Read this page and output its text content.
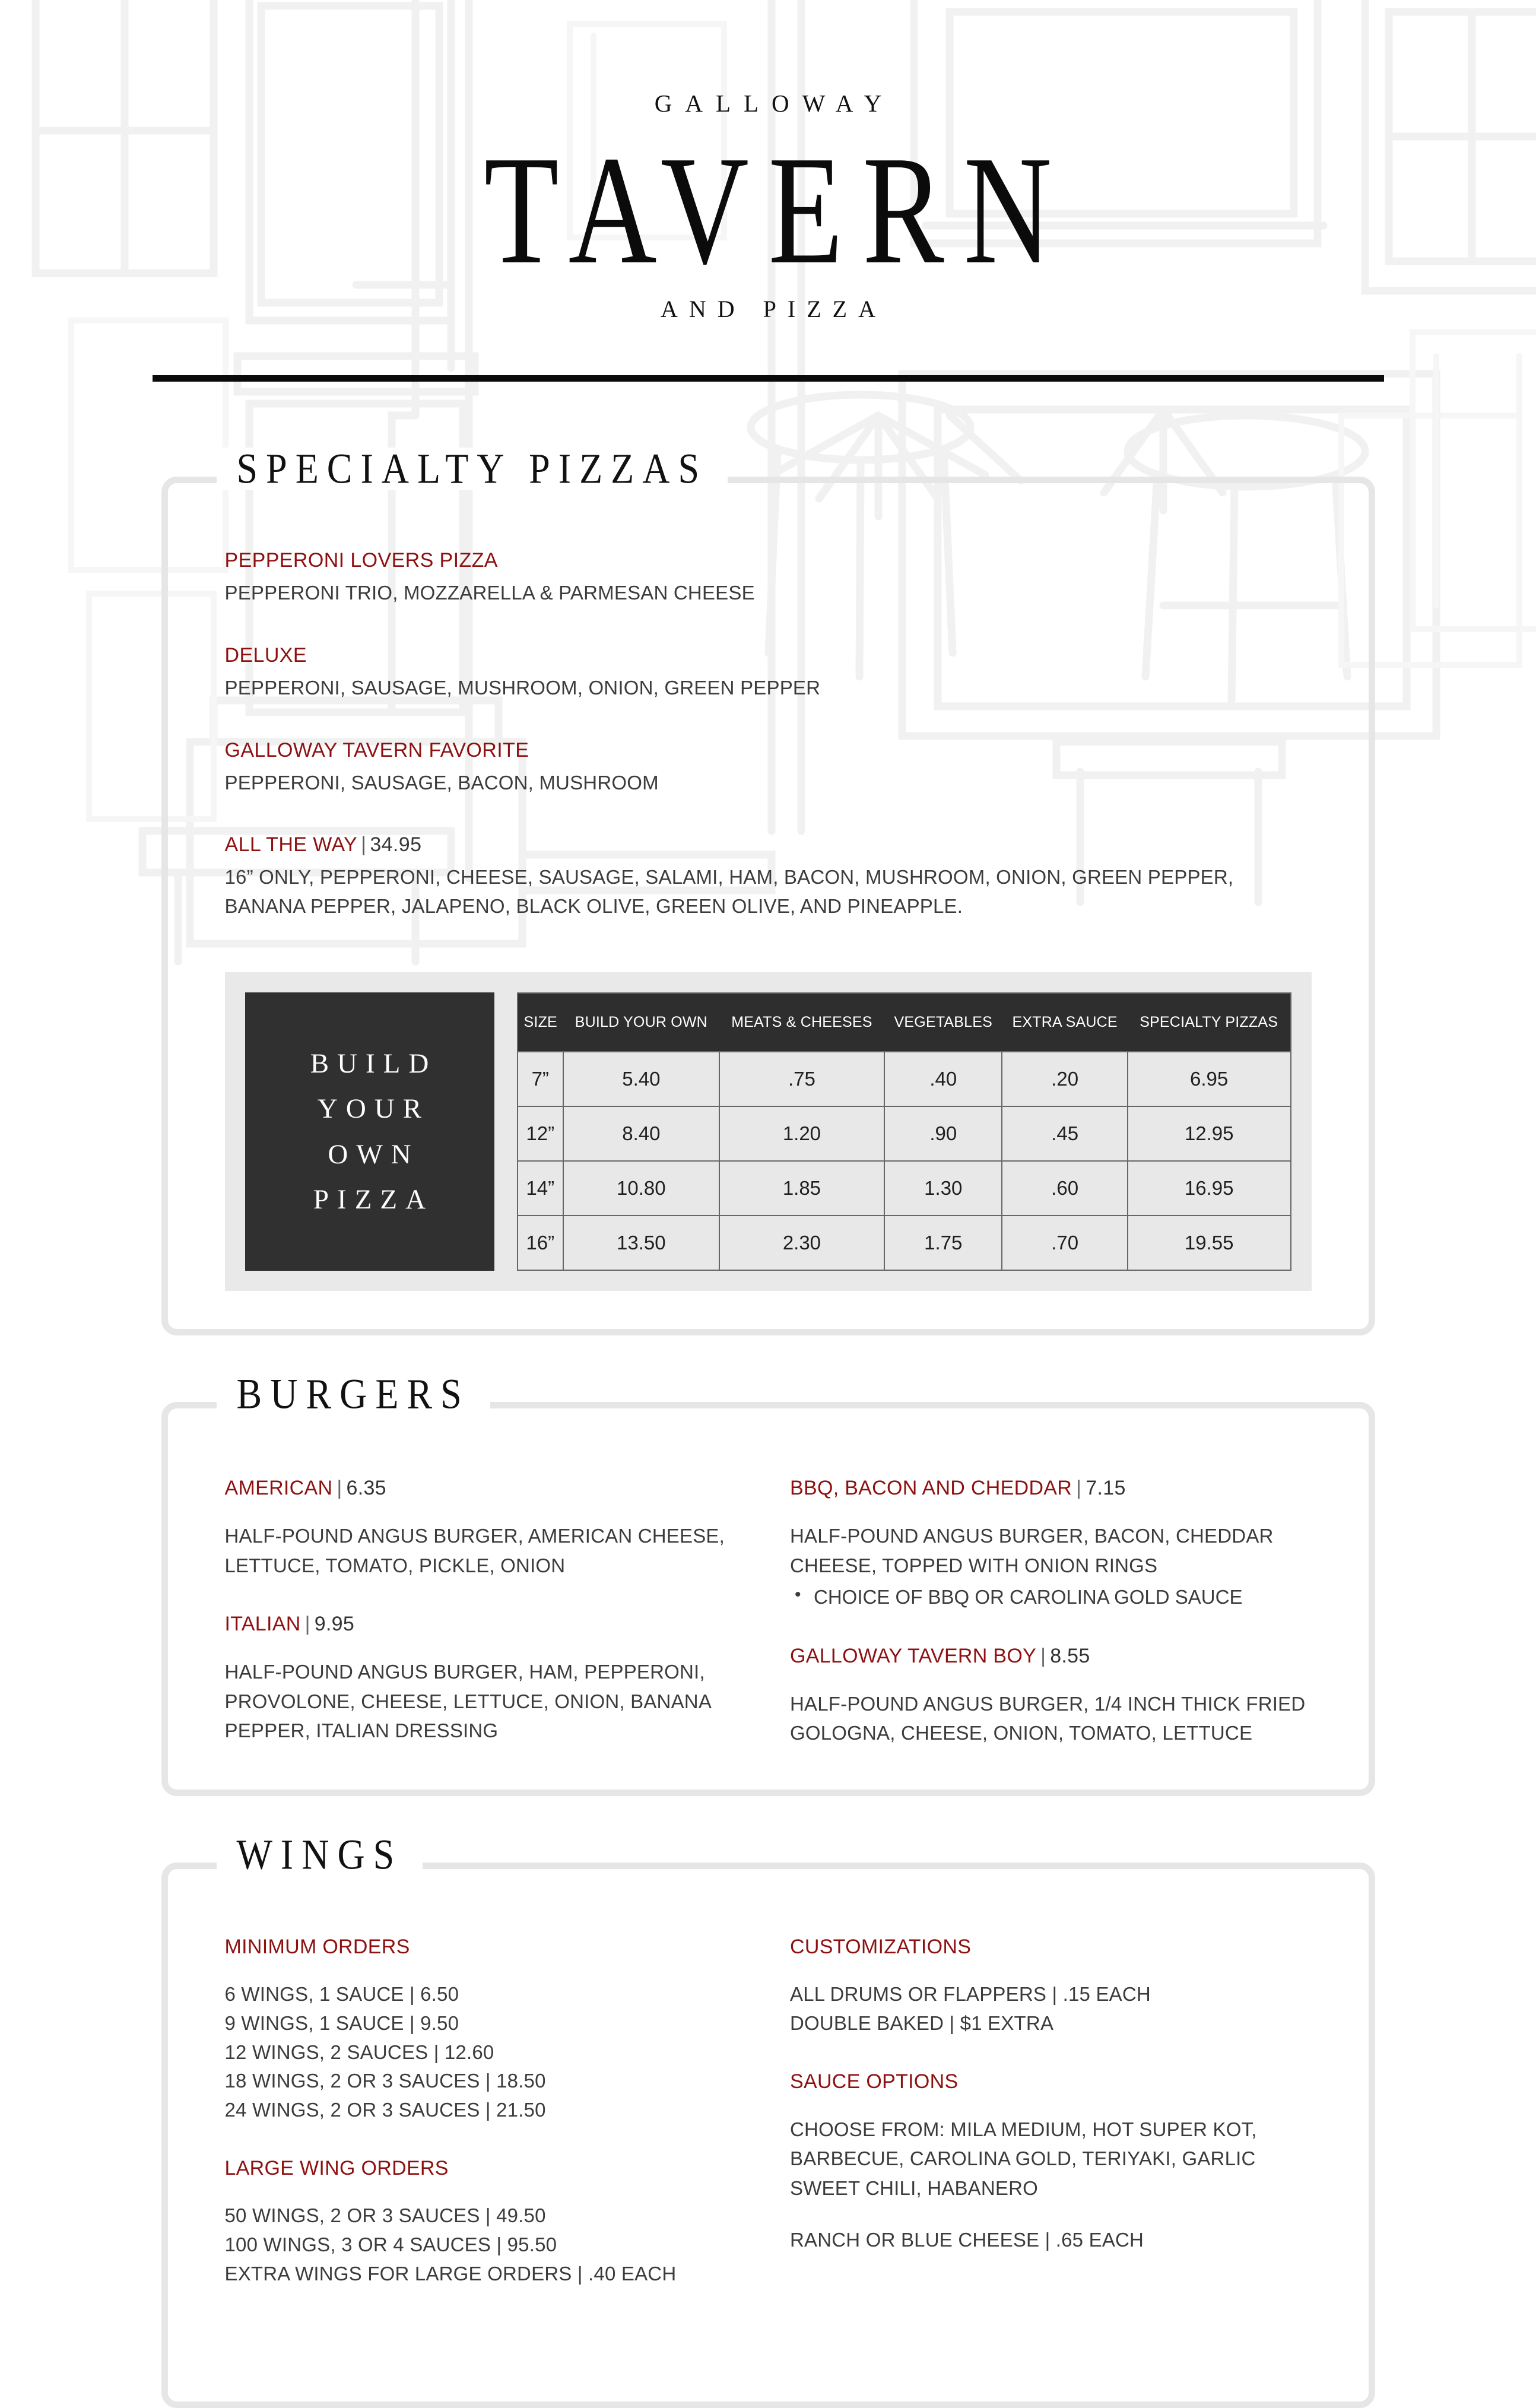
GALLOWAY
TAVERN
AND PIZZA
SPECIALTY PIZZAS
PEPPERONI LOVERS PIZZA
PEPPERONI TRIO, MOZZARELLA & PARMESAN CHEESE
DELUXE
PEPPERONI, SAUSAGE, MUSHROOM, ONION, GREEN PEPPER
GALLOWAY TAVERN FAVORITE
PEPPERONI, SAUSAGE, BACON, MUSHROOM
ALL THE WAY | 34.95
16” ONLY, PEPPERONI, CHEESE, SAUSAGE, SALAMI, HAM, BACON, MUSHROOM, ONION, GREEN PEPPER, BANANA PEPPER, JALAPENO, BLACK OLIVE, GREEN OLIVE, AND PINEAPPLE.
BUILD
YOUR
OWN
PIZZA
SIZE	BUILD YOUR OWN	MEATS & CHEESES	VEGETABLES	EXTRA SAUCE	SPECIALTY PIZZAS
7”	5.40	.75	.40	.20	6.95
12”	8.40	1.20	.90	.45	12.95
14”	10.80	1.85	1.30	.60	16.95
16”	13.50	2.30	1.75	.70	19.55
BURGERS
AMERICAN | 6.35
HALF-POUND ANGUS BURGER, AMERICAN CHEESE, LETTUCE, TOMATO, PICKLE, ONION
ITALIAN | 9.95
HALF-POUND ANGUS BURGER, HAM, PEPPERONI, PROVOLONE, CHEESE, LETTUCE, ONION, BANANA PEPPER, ITALIAN DRESSING
BBQ, BACON AND CHEDDAR | 7.15
HALF-POUND ANGUS BURGER, BACON, CHEDDAR CHEESE, TOPPED WITH ONION RINGS
• CHOICE OF BBQ OR CAROLINA GOLD SAUCE
GALLOWAY TAVERN BOY | 8.55
HALF-POUND ANGUS BURGER, 1/4 INCH THICK FRIED GOLOGNA, CHEESE, ONION, TOMATO, LETTUCE
WINGS
MINIMUM ORDERS
6 WINGS, 1 SAUCE | 6.50
9 WINGS, 1 SAUCE | 9.50
12 WINGS, 2 SAUCES | 12.60
18 WINGS, 2 OR 3 SAUCES | 18.50
24 WINGS, 2 OR 3 SAUCES | 21.50
LARGE WING ORDERS
50 WINGS, 2 OR 3 SAUCES | 49.50
100 WINGS, 3 OR 4 SAUCES | 95.50
EXTRA WINGS FOR LARGE ORDERS | .40 EACH
CUSTOMIZATIONS
ALL DRUMS OR FLAPPERS | .15 EACH
DOUBLE BAKED | $1 EXTRA
SAUCE OPTIONS
CHOOSE FROM: MILA MEDIUM, HOT SUPER KOT, BARBECUE, CAROLINA GOLD, TERIYAKI, GARLIC SWEET CHILI, HABANERO
RANCH OR BLUE CHEESE | .65 EACH
